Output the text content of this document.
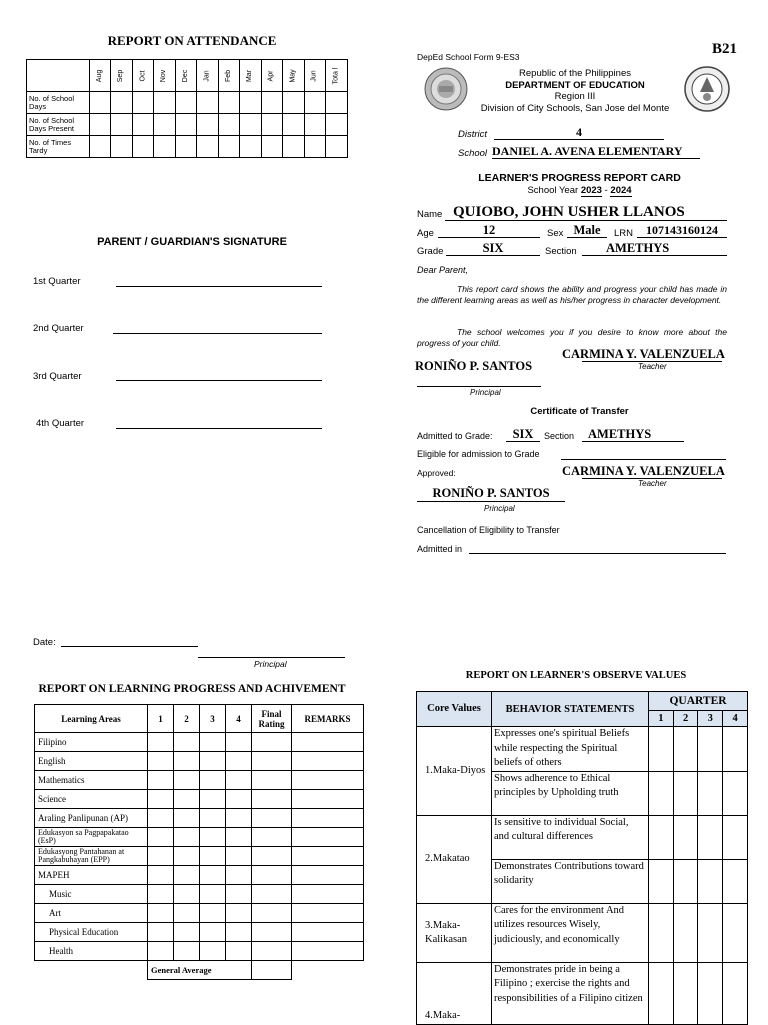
REPORT ON ATTENDANCE
	Aug	Sep	Oct	Nov	Dec	Jan	Feb	Mar	Apr	May	Jun	Tota l
No. of School Days												
No. of School Days Present												
No. of Times Tardy												
PARENT / GUARDIAN'S SIGNATURE
1st Quarter
2nd Quarter
3rd Quarter
4th Quarter
DepEd School Form 9-ES3	B21
Republic of the Philippines
DEPARTMENT OF EDUCATION
Region III
Division of City Schools, San Jose del Monte
District	4
School DANIEL A. AVENA ELEMENTARY
LEARNER'S PROGRESS REPORT CARD
School Year 2023 - 2024
Name QUIOBO, JOHN USHER LLANOS
Age	12	Sex Male	LRN	107143160124
Grade	SIX	Section	AMETHYS
Dear Parent,
This report card shows the ability and progress your child has made in the different learning areas as well as his/her progress in character development.
The school welcomes you if you desire to know more about the progress of your child.
RONIÑO P. SANTOS
Principal
CARMINA Y. VALENZUELA
Teacher
Certificate of Transfer
Admitted to Grade:	SIX	Section	AMETHYS
Eligible for admission to Grade
Approved:	CARMINA Y. VALENZUELA
Teacher
RONIÑO P. SANTOS
Principal
Cancellation of Eligibility to Transfer
Admitted in
Date:
Principal
REPORT ON LEARNING PROGRESS AND ACHIVEMENT
Learning Areas	1	2	3	4	Final Rating	REMARKS
Filipino						
English						
Mathematics						
Science						
Araling Panlipunan (AP)						
Edukasyon sa Pagpapakatao (EsP)						
Edukasyong Pantahanan at Pangkabuhayan (EPP)						
MAPEH						
Music						
Art						
Physical Education						
Health						
	General Average					
REPORT ON LEARNER'S OBSERVE VALUES
Core Values	BEHAVIOR STATEMENTS	QUARTER			
		1	2	3	4
1.Maka-Diyos	Expresses one's spiritual Beliefs while respecting the Spiritual beliefs of others				
	Shows adherence to Ethical principles by Upholding truth				
2.Makatao	Is sensitive to individual Social, and cultural differences				
	Demonstrates Contributions toward solidarity				
3.Maka-Kalikasan	Cares for the environment And utilizes resources Wisely, judiciously, and economically				
4.Maka-	Demonstrates pride in being a Filipino ; exercise the rights and responsibilities of a Filipino citizen				
